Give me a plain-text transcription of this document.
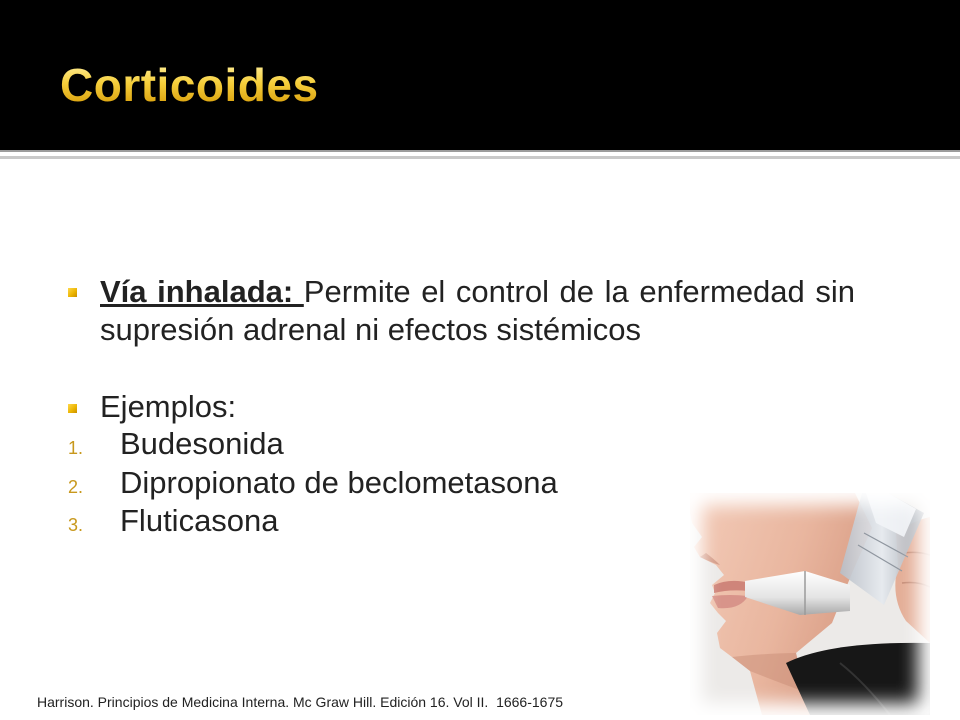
Corticoides

Vía inhalada: Permite el control de la enfermedad sin supresión adrenal ni efectos sistémicos

Ejemplos:

1. Budesonida
2. Dipropionato de beclometasona
3. Fluticasona

Harrison. Principios de Medicina Interna. Mc Graw Hill. Edición 16. Vol II.  1666-1675
